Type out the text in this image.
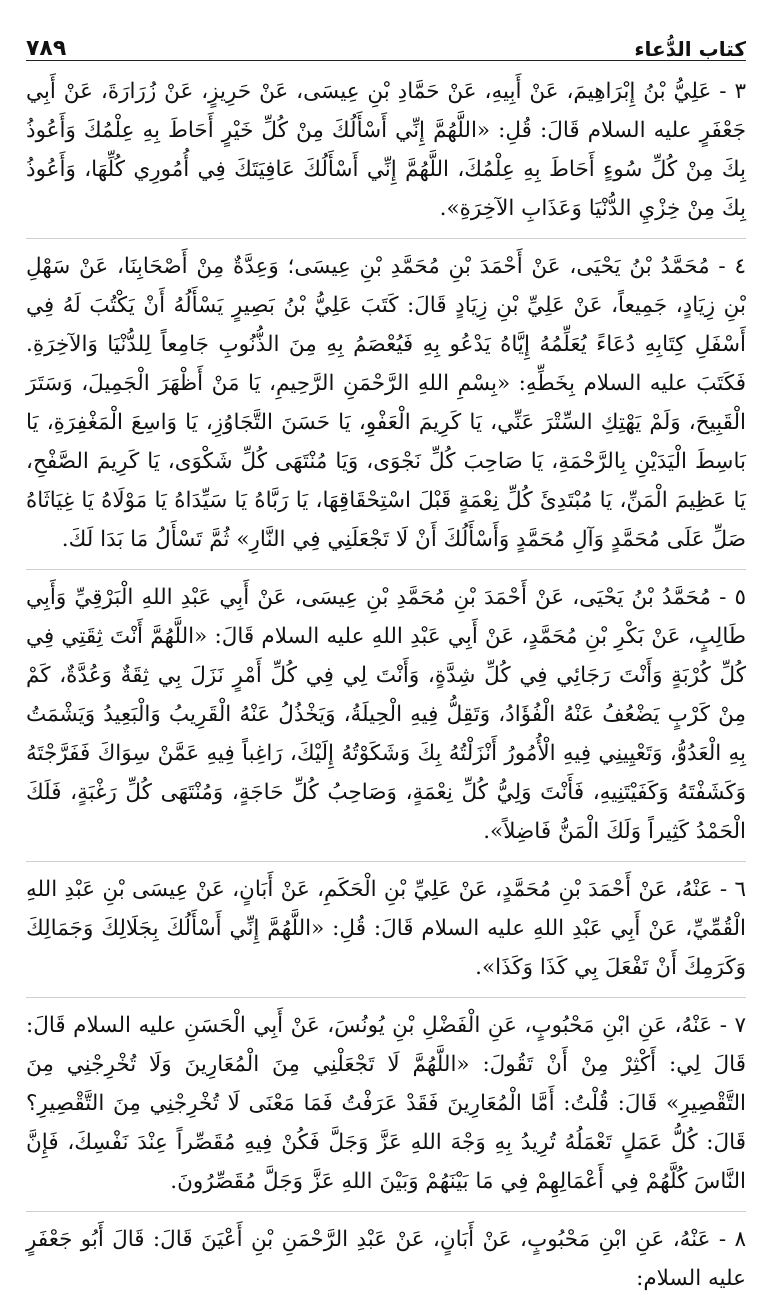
كتاب الدُّعاء
٧٨٩

٣ - عَلِيُّ بْنُ إِبْرَاهِيمَ، عَنْ أَبِيهِ، عَنْ حَمَّادِ بْنِ عِيسَى، عَنْ حَرِيزٍ، عَنْ زُرَارَةَ، عَنْ أَبِي جَعْفَرٍ عليه السلام قَالَ: قُلِ: «اللَّهُمَّ إِنِّي أَسْأَلُكَ مِنْ كُلِّ خَيْرٍ أَحَاطَ بِهِ عِلْمُكَ وَأَعُوذُ بِكَ مِنْ كُلِّ سُوءٍ أَحَاطَ بِهِ عِلْمُكَ، اللَّهُمَّ إِنِّي أَسْأَلُكَ عَافِيَتَكَ فِي أُمُورِي كُلِّهَا، وَأَعُوذُ بِكَ مِنْ خِزْيِ الدُّنْيَا وَعَذَابِ الآخِرَةِ».

٤ - مُحَمَّدُ بْنُ يَحْيَى، عَنْ أَحْمَدَ بْنِ مُحَمَّدِ بْنِ عِيسَى؛ وَعِدَّةٌ مِنْ أَصْحَابِنَا، عَنْ سَهْلِ بْنِ زِيَادٍ، جَمِيعاً، عَنْ عَلِيِّ بْنِ زِيَادٍ قَالَ: كَتَبَ عَلِيُّ بْنُ بَصِيرٍ يَسْأَلُهُ أَنْ يَكْتُبَ لَهُ فِي أَسْفَلِ كِتَابِهِ دُعَاءً يُعَلِّمُهُ إِيَّاهُ يَدْعُو بِهِ فَيُعْصَمُ بِهِ مِنَ الذُّنُوبِ جَامِعاً لِلدُّنْيَا وَالآخِرَةِ. فَكَتَبَ عليه السلام بِخَطِّهِ: «بِسْمِ اللهِ الرَّحْمَنِ الرَّحِيمِ، يَا مَنْ أَظْهَرَ الْجَمِيلَ، وَسَتَرَ الْقَبِيحَ، وَلَمْ يَهْتِكِ السِّتْرَ عَنِّي، يَا كَرِيمَ الْعَفْوِ، يَا حَسَنَ التَّجَاوُزِ، يَا وَاسِعَ الْمَغْفِرَةِ، يَا بَاسِطَ الْيَدَيْنِ بِالرَّحْمَةِ، يَا صَاحِبَ كُلِّ نَجْوَى، وَيَا مُنْتَهَى كُلِّ شَكْوَى، يَا كَرِيمَ الصَّفْحِ، يَا عَظِيمَ الْمَنِّ، يَا مُبْتَدِئَ كُلِّ نِعْمَةٍ قَبْلَ اسْتِحْقَاقِهَا، يَا رَبَّاهُ يَا سَيِّدَاهُ يَا مَوْلَاهُ يَا غِيَاثَاهُ صَلِّ عَلَى مُحَمَّدٍ وَآلِ مُحَمَّدٍ وَأَسْأَلُكَ أَنْ لَا تَجْعَلَنِي فِي النَّارِ» ثُمَّ تَسْأَلُ مَا بَدَا لَكَ.

٥ - مُحَمَّدُ بْنُ يَحْيَى، عَنْ أَحْمَدَ بْنِ مُحَمَّدِ بْنِ عِيسَى، عَنْ أَبِي عَبْدِ اللهِ الْبَرْقِيِّ وَأَبِي طَالِبٍ، عَنْ بَكْرِ بْنِ مُحَمَّدٍ، عَنْ أَبِي عَبْدِ اللهِ عليه السلام قَالَ: «اللَّهُمَّ أَنْتَ ثِقَتِي فِي كُلِّ كُرْبَةٍ وَأَنْتَ رَجَائِي فِي كُلِّ شِدَّةٍ، وَأَنْتَ لِي فِي كُلِّ أَمْرٍ نَزَلَ بِي ثِقَةٌ وَعُدَّةٌ، كَمْ مِنْ كَرْبٍ يَضْعُفُ عَنْهُ الْفُؤَادُ، وَتَقِلُّ فِيهِ الْحِيلَةُ، وَيَخْذُلُ عَنْهُ الْقَرِيبُ وَالْبَعِيدُ وَيَشْمَتُ بِهِ الْعَدُوُّ، وَتَعْيِينِي فِيهِ الْأُمُورُ أَنْزَلْتُهُ بِكَ وَشَكَوْتُهُ إِلَيْكَ، رَاغِباً فِيهِ عَمَّنْ سِوَاكَ فَفَرَّجْتَهُ وَكَشَفْتَهُ وَكَفَيْتَنِيهِ، فَأَنْتَ وَلِيُّ كُلِّ نِعْمَةٍ، وَصَاحِبُ كُلِّ حَاجَةٍ، وَمُنْتَهَى كُلِّ رَغْبَةٍ، فَلَكَ الْحَمْدُ كَثِيراً وَلَكَ الْمَنُّ فَاضِلاً».

٦ - عَنْهُ، عَنْ أَحْمَدَ بْنِ مُحَمَّدٍ، عَنْ عَلِيِّ بْنِ الْحَكَمِ، عَنْ أَبَانٍ، عَنْ عِيسَى بْنِ عَبْدِ اللهِ الْقُمِّيِّ، عَنْ أَبِي عَبْدِ اللهِ عليه السلام قَالَ: قُلِ: «اللَّهُمَّ إِنِّي أَسْأَلُكَ بِجَلَالِكَ وَجَمَالِكَ وَكَرَمِكَ أَنْ تَفْعَلَ بِي كَذَا وَكَذَا».

٧ - عَنْهُ، عَنِ ابْنِ مَحْبُوبٍ، عَنِ الْفَضْلِ بْنِ يُونُسَ، عَنْ أَبِي الْحَسَنِ عليه السلام قَالَ: قَالَ لِي: أَكْثِرْ مِنْ أَنْ تَقُولَ: «اللَّهُمَّ لَا تَجْعَلْنِي مِنَ الْمُعَارِينَ وَلَا تُخْرِجْنِي مِنَ التَّقْصِيرِ» قَالَ: قُلْتُ: أَمَّا الْمُعَارِينَ فَقَدْ عَرَفْتُ فَمَا مَعْنَى لَا تُخْرِجْنِي مِنَ التَّقْصِيرِ؟ قَالَ: كُلُّ عَمَلٍ تَعْمَلُهُ تُرِيدُ بِهِ وَجْهَ اللهِ عَزَّ وَجَلَّ فَكُنْ فِيهِ مُقَصِّراً عِنْدَ نَفْسِكَ، فَإِنَّ النَّاسَ كُلَّهُمْ فِي أَعْمَالِهِمْ فِي مَا بَيْنَهُمْ وَبَيْنَ اللهِ عَزَّ وَجَلَّ مُقَصِّرُونَ.

٨ - عَنْهُ، عَنِ ابْنِ مَحْبُوبٍ، عَنْ أَبَانٍ، عَنْ عَبْدِ الرَّحْمَنِ بْنِ أَعْيَنَ قَالَ: قَالَ أَبُو جَعْفَرٍ عليه السلام:
